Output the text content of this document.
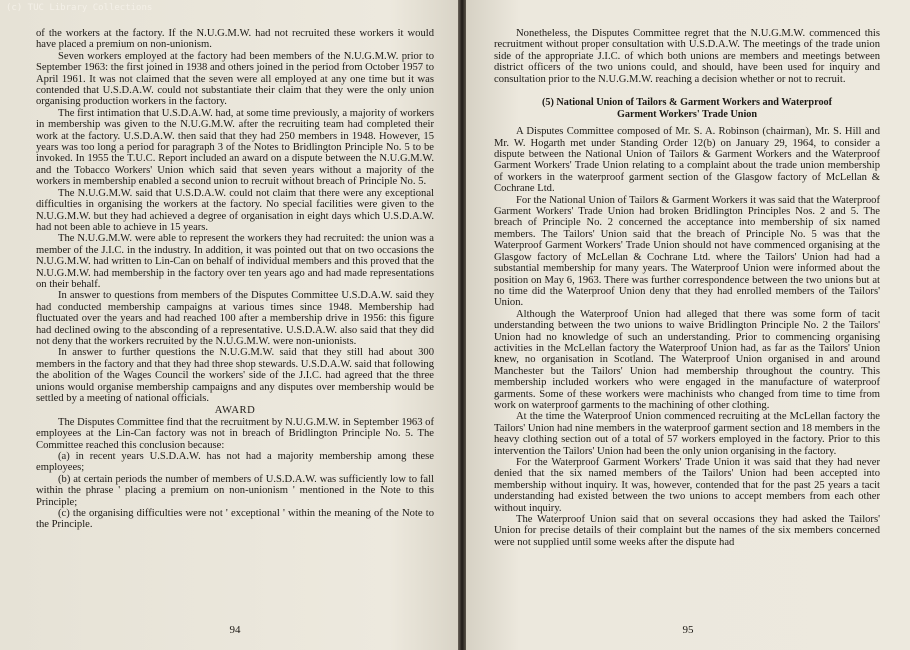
(c) TUC Library Collections

of the workers at the factory. If the N.U.G.M.W. had not recruited these workers it would have placed a premium on non-unionism.

Seven workers employed at the factory had been members of the N.U.G.M.W. prior to September 1963: the first joined in 1938 and others joined in the period from October 1957 to April 1961. It was not claimed that the seven were all employed at any one time but it was contended that U.S.D.A.W. could not substantiate their claim that they were the only union organising production workers in the factory.

The first intimation that U.S.D.A.W. had, at some time previously, a majority of workers in membership was given to the N.U.G.M.W. after the recruiting team had completed their work at the factory. U.S.D.A.W. then said that they had 250 members in 1948. However, 15 years was too long a period for paragraph 3 of the Notes to Bridlington Principle No. 5 to be invoked. In 1955 the T.U.C. Report included an award on a dispute between the N.U.G.M.W. and the Tobacco Workers' Union which said that seven years without a majority of the workers in membership enabled a second union to recruit without breach of Principle No. 5.

The N.U.G.M.W. said that U.S.D.A.W. could not claim that there were any exceptional difficulties in organising the workers at the factory. No special facilities were given to the N.U.G.M.W. but they had achieved a degree of organisation in eight days which U.S.D.A.W. had not been able to achieve in 15 years.

The N.U.G.M.W. were able to represent the workers they had recruited: the union was a member of the J.I.C. in the industry. In addition, it was pointed out that on two occasions the N.U.G.M.W. had written to Lin-Can on behalf of individual members and this proved that the N.U.G.M.W. had membership in the factory over ten years ago and had made representations on their behalf.

In answer to questions from members of the Disputes Committee U.S.D.A.W. said they had conducted membership campaigns at various times since 1948. Membership had fluctuated over the years and had reached 100 after a membership drive in 1956: this figure had declined owing to the absconding of a representative. U.S.D.A.W. also said that they did not deny that the workers recruited by the N.U.G.M.W. were non-unionists.

In answer to further questions the N.U.G.M.W. said that they still had about 300 members in the factory and that they had three shop stewards. U.S.D.A.W. said that following the abolition of the Wages Council the workers' side of the J.I.C. had agreed that the three unions would organise membership campaigns and any disputes over membership would be settled by a meeting of national officials.

AWARD

The Disputes Committee find that the recruitment by N.U.G.M.W. in September 1963 of employees at the Lin-Can factory was not in breach of Bridlington Principle No. 5. The Committee reached this conclusion because:

(a) in recent years U.S.D.A.W. has not had a majority membership among these employees;

(b) at certain periods the number of members of U.S.D.A.W. was sufficiently low to fall within the phrase ' placing a premium on non-unionism ' mentioned in the Note to this Principle;

(c) the organising difficulties were not ' exceptional ' within the meaning of the Note to the Principle.

94

Nonetheless, the Disputes Committee regret that the N.U.G.M.W. commenced this recruitment without proper consultation with U.S.D.A.W. The meetings of the trade union side of the appropriate J.I.C. of which both unions are members and meetings between district officers of the two unions could, and should, have been used for inquiry and consultation prior to the N.U.G.M.W. reaching a decision whether or not to recruit.

(5) National Union of Tailors & Garment Workers and Waterproof
Garment Workers' Trade Union

A Disputes Committee composed of Mr. S. A. Robinson (chairman), Mr. S. Hill and Mr. W. Hogarth met under Standing Order 12(b) on January 29, 1964, to consider a dispute between the National Union of Tailors & Garment Workers and the Waterproof Garment Workers' Trade Union relating to a complaint about the trade union membership of workers in the waterproof garment section of the Glasgow factory of McLellan & Cochrane Ltd.

For the National Union of Tailors & Garment Workers it was said that the Waterproof Garment Workers' Trade Union had broken Bridlington Principles Nos. 2 and 5. The breach of Principle No. 2 concerned the acceptance into membership of six named members. The Tailors' Union said that the breach of Principle No. 5 was that the Waterproof Garment Workers' Trade Union should not have commenced organising at the Glasgow factory of McLellan & Cochrane Ltd. where the Tailors' Union had had a substantial membership for many years. The Waterproof Union were informed about the position on May 6, 1963. There was further correspondence between the two unions but at no time did the Waterproof Union deny that they had enrolled members of the Tailors' Union.

Although the Waterproof Union had alleged that there was some form of tacit understanding between the two unions to waive Bridlington Principle No. 2 the Tailors' Union had no knowledge of such an understanding. Prior to commencing organising activities in the McLellan factory the Waterproof Union had, as far as the Tailors' Union knew, no organisation in Scotland. The Waterproof Union organised in and around Manchester but the Tailors' Union had membership throughout the country. This membership included workers who were engaged in the manufacture of waterproof garments. Some of these workers were machinists who changed from time to time from work on waterproof garments to the machining of other clothing.

At the time the Waterproof Union commenced recruiting at the McLellan factory the Tailors' Union had nine members in the waterproof garment section and 18 members in the heavy clothing section out of a total of 57 workers employed in the factory. Prior to this intervention the Tailors' Union had been the only union organising in the factory.

For the Waterproof Garment Workers' Trade Union it was said that they had never denied that the six named members of the Tailors' Union had been accepted into membership without inquiry. It was, however, contended that for the past 25 years a tacit understanding had existed between the two unions to accept members from each other without inquiry.

The Waterproof Union said that on several occasions they had asked the Tailors' Union for precise details of their complaint but the names of the six members concerned were not supplied until some weeks after the dispute had

95
